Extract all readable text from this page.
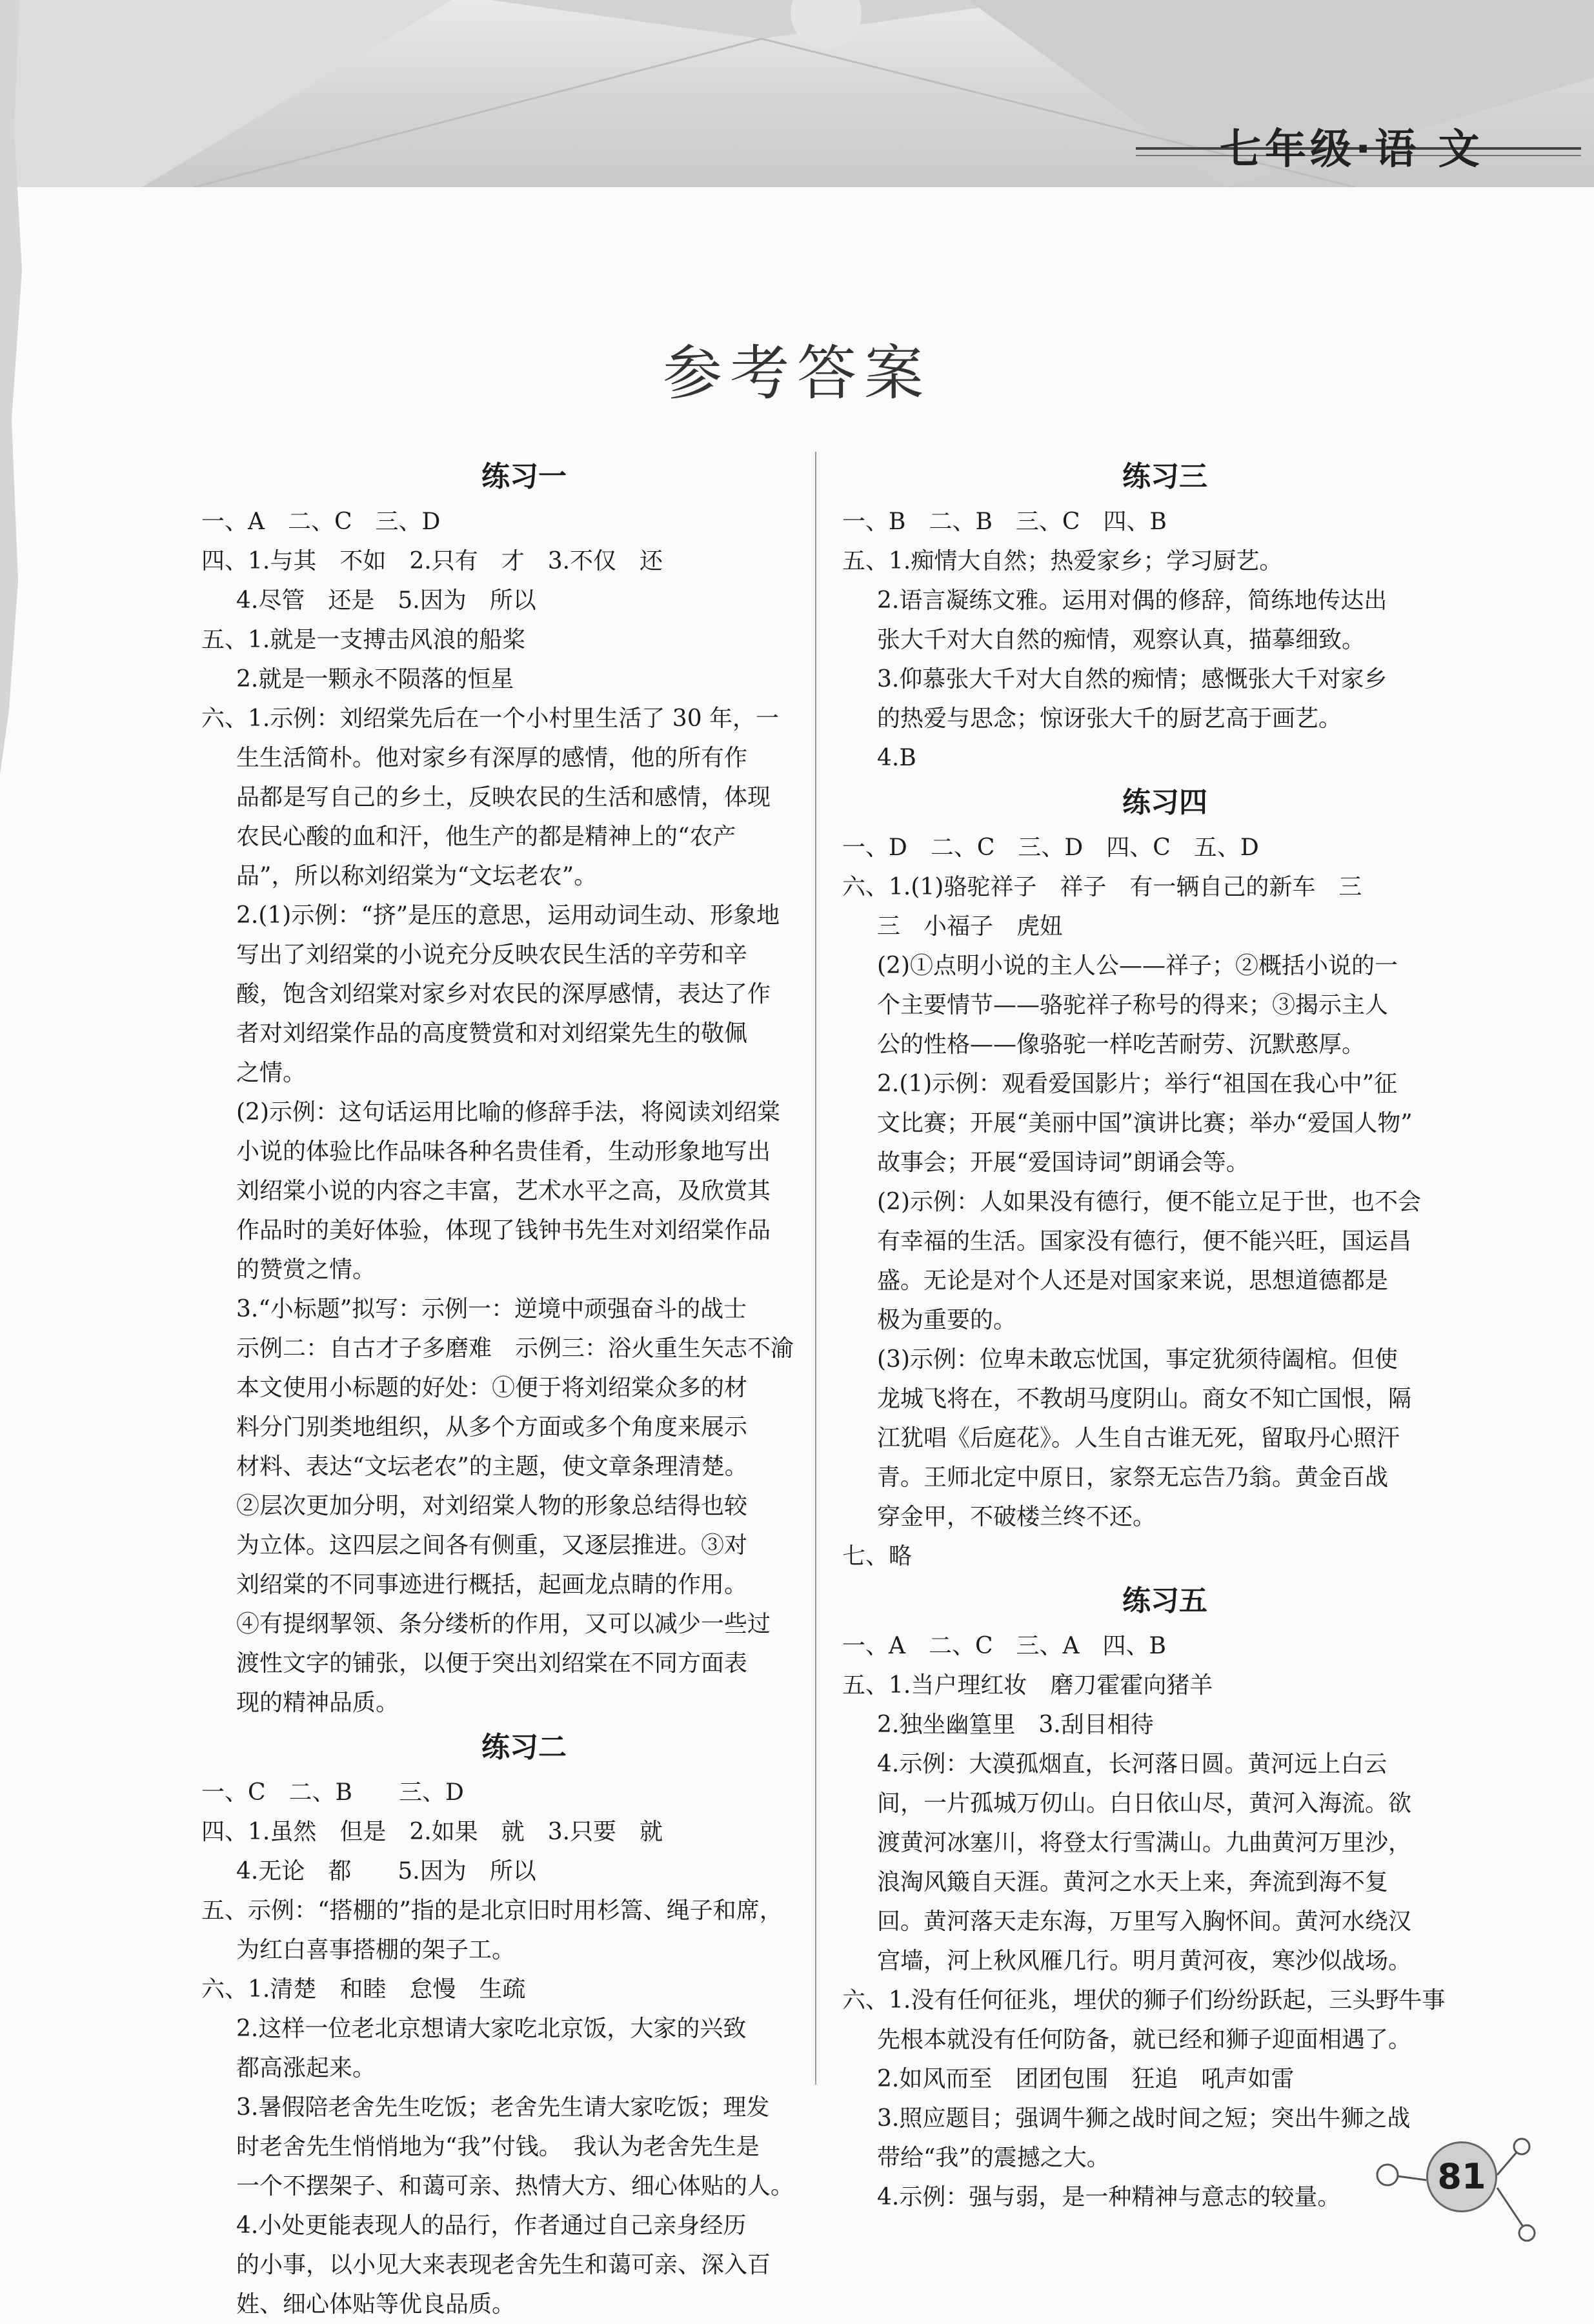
七年级·语 文
参考答案
练习一
一、A　二、C　三、D
四、1.与其　不如　2.只有　才　3.不仅　还
4.尽管　还是　5.因为　所以
五、1.就是一支搏击风浪的船桨
2.就是一颗永不陨落的恒星
六、1.示例：刘绍棠先后在一个小村里生活了 30 年，一
生生活简朴。他对家乡有深厚的感情，他的所有作
品都是写自己的乡土，反映农民的生活和感情，体现
农民心酸的血和汗，他生产的都是精神上的“农产
品”，所以称刘绍棠为“文坛老农”。
2.(1)示例：“挤”是压的意思，运用动词生动、形象地
写出了刘绍棠的小说充分反映农民生活的辛劳和辛
酸，饱含刘绍棠对家乡对农民的深厚感情，表达了作
者对刘绍棠作品的高度赞赏和对刘绍棠先生的敬佩
之情。
(2)示例：这句话运用比喻的修辞手法，将阅读刘绍棠
小说的体验比作品味各种名贵佳肴，生动形象地写出
刘绍棠小说的内容之丰富，艺术水平之高，及欣赏其
作品时的美好体验，体现了钱钟书先生对刘绍棠作品
的赞赏之情。
3.“小标题”拟写：示例一：逆境中顽强奋斗的战士
示例二：自古才子多磨难　示例三：浴火重生矢志不渝
本文使用小标题的好处：①便于将刘绍棠众多的材
料分门别类地组织，从多个方面或多个角度来展示
材料、表达“文坛老农”的主题，使文章条理清楚。
②层次更加分明，对刘绍棠人物的形象总结得也较
为立体。这四层之间各有侧重，又逐层推进。③对
刘绍棠的不同事迹进行概括，起画龙点睛的作用。
④有提纲挈领、条分缕析的作用，又可以减少一些过
渡性文字的铺张，以便于突出刘绍棠在不同方面表
现的精神品质。
练习二
一、C　二、B　　三、D
四、1.虽然　但是　2.如果　就　3.只要　就
4.无论　都　　5.因为　所以
五、示例：“搭棚的”指的是北京旧时用杉篙、绳子和席，
为红白喜事搭棚的架子工。
六、1.清楚　和睦　怠慢　生疏
2.这样一位老北京想请大家吃北京饭，大家的兴致
都高涨起来。
3.暑假陪老舍先生吃饭；老舍先生请大家吃饭；理发
时老舍先生悄悄地为“我”付钱。　我认为老舍先生是
一个不摆架子、和蔼可亲、热情大方、细心体贴的人。
4.小处更能表现人的品行，作者通过自己亲身经历
的小事，以小见大来表现老舍先生和蔼可亲、深入百
姓、细心体贴等优良品质。
练习三
一、B　二、B　三、C　四、B
五、1.痴情大自然；热爱家乡；学习厨艺。
2.语言凝练文雅。运用对偶的修辞，简练地传达出
张大千对大自然的痴情，观察认真，描摹细致。
3.仰慕张大千对大自然的痴情；感慨张大千对家乡
的热爱与思念；惊讶张大千的厨艺高于画艺。
4.B
练习四
一、D　二、C　三、D　四、C　五、D
六、1.(1)骆驼祥子　祥子　有一辆自己的新车　三
三　小福子　虎妞
(2)①点明小说的主人公——祥子；②概括小说的一
个主要情节——骆驼祥子称号的得来；③揭示主人
公的性格——像骆驼一样吃苦耐劳、沉默憨厚。
2.(1)示例：观看爱国影片；举行“祖国在我心中”征
文比赛；开展“美丽中国”演讲比赛；举办“爱国人物”
故事会；开展“爱国诗词”朗诵会等。
(2)示例：人如果没有德行，便不能立足于世，也不会
有幸福的生活。国家没有德行，便不能兴旺，国运昌
盛。无论是对个人还是对国家来说，思想道德都是
极为重要的。
(3)示例：位卑未敢忘忧国，事定犹须待阖棺。但使
龙城飞将在，不教胡马度阴山。商女不知亡国恨，隔
江犹唱《后庭花》。人生自古谁无死，留取丹心照汗
青。王师北定中原日，家祭无忘告乃翁。黄金百战
穿金甲，不破楼兰终不还。
七、略
练习五
一、A　二、C　三、A　四、B
五、1.当户理红妆　磨刀霍霍向猪羊
2.独坐幽篁里　3.刮目相待
4.示例：大漠孤烟直，长河落日圆。黄河远上白云
间，一片孤城万仞山。白日依山尽，黄河入海流。欲
渡黄河冰塞川，将登太行雪满山。九曲黄河万里沙，
浪淘风簸自天涯。黄河之水天上来，奔流到海不复
回。黄河落天走东海，万里写入胸怀间。黄河水绕汉
宫墙，河上秋风雁几行。明月黄河夜，寒沙似战场。
六、1.没有任何征兆，埋伏的狮子们纷纷跃起，三头野牛事
先根本就没有任何防备，就已经和狮子迎面相遇了。
2.如风而至　团团包围　狂追　吼声如雷
3.照应题目；强调牛狮之战时间之短；突出牛狮之战
带给“我”的震撼之大。
4.示例：强与弱，是一种精神与意志的较量。
81
